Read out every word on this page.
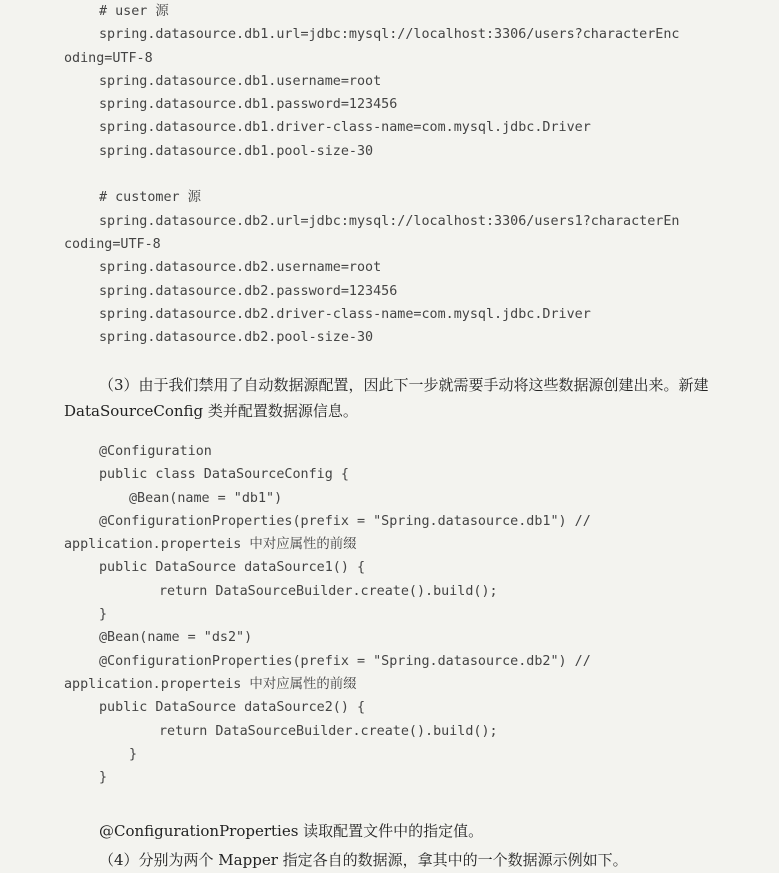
# user 源
spring.datasource.db1.url=jdbc:mysql://localhost:3306/users?characterEnc
oding=UTF-8
spring.datasource.db1.username=root
spring.datasource.db1.password=123456
spring.datasource.db1.driver-class-name=com.mysql.jdbc.Driver
spring.datasource.db1.pool-size-30
# customer 源
spring.datasource.db2.url=jdbc:mysql://localhost:3306/users1?characterEn
coding=UTF-8
spring.datasource.db2.username=root
spring.datasource.db2.password=123456
spring.datasource.db2.driver-class-name=com.mysql.jdbc.Driver
spring.datasource.db2.pool-size-30
（3）由于我们禁用了自动数据源配置，因此下一步就需要手动将这些数据源创建出来。新建 DataSourceConfig 类并配置数据源信息。
@Configuration
public class DataSourceConfig {
@Bean(name = "db1")
@ConfigurationProperties(prefix = "Spring.datasource.db1") //
application.properteis 中对应属性的前缀
public DataSource dataSource1() {
return DataSourceBuilder.create().build();
}
@Bean(name = "ds2")
@ConfigurationProperties(prefix = "Spring.datasource.db2") //
application.properteis 中对应属性的前缀
public DataSource dataSource2() {
return DataSourceBuilder.create().build();
}
}
@ConfigurationProperties 读取配置文件中的指定值。
（4）分别为两个 Mapper 指定各自的数据源，拿其中的一个数据源示例如下。
